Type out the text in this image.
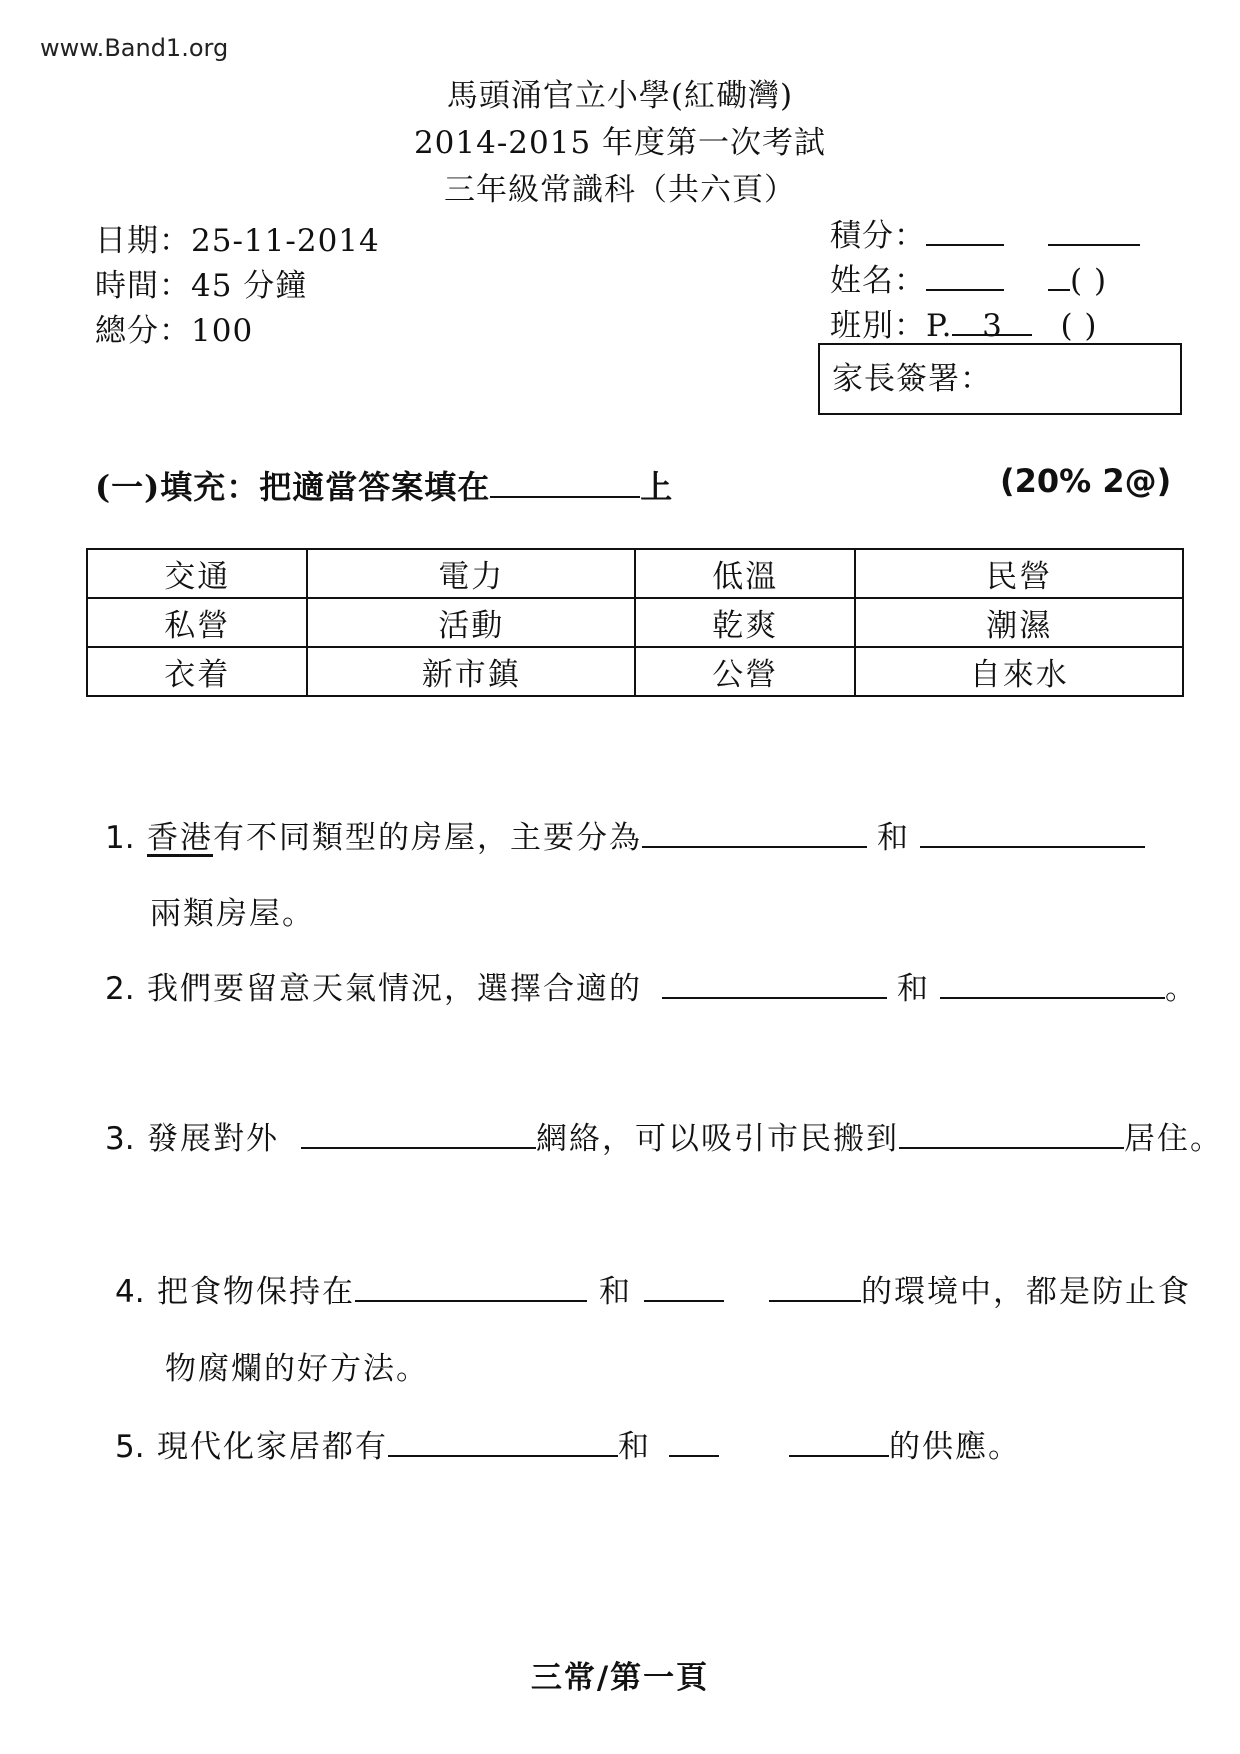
www.Band1.org
馬頭涌官立小學(紅磡灣)
2014-2015 年度第一次考試
三年級常識科（共六頁）
日期：25-11-2014
時間：45 分鐘
總分：100
積分：
姓名：	( )
班別：P. 3 ( )
家長簽署：
(一)填充：把適當答案填在	上	(20% 2@)
交通	電力	低溫	民營
私營	活動	乾爽	潮濕
衣着	新市鎮	公營	自來水
1. 香港有不同類型的房屋，主要分為	和
兩類房屋。
2. 我們要留意天氣情況，選擇合適的	和	。
3. 發展對外	網絡，可以吸引市民搬到	居住。
4. 把食物保持在	和	的環境中，都是防止食
物腐爛的好方法。
5. 現代化家居都有	和	的供應。
三常/第一頁
